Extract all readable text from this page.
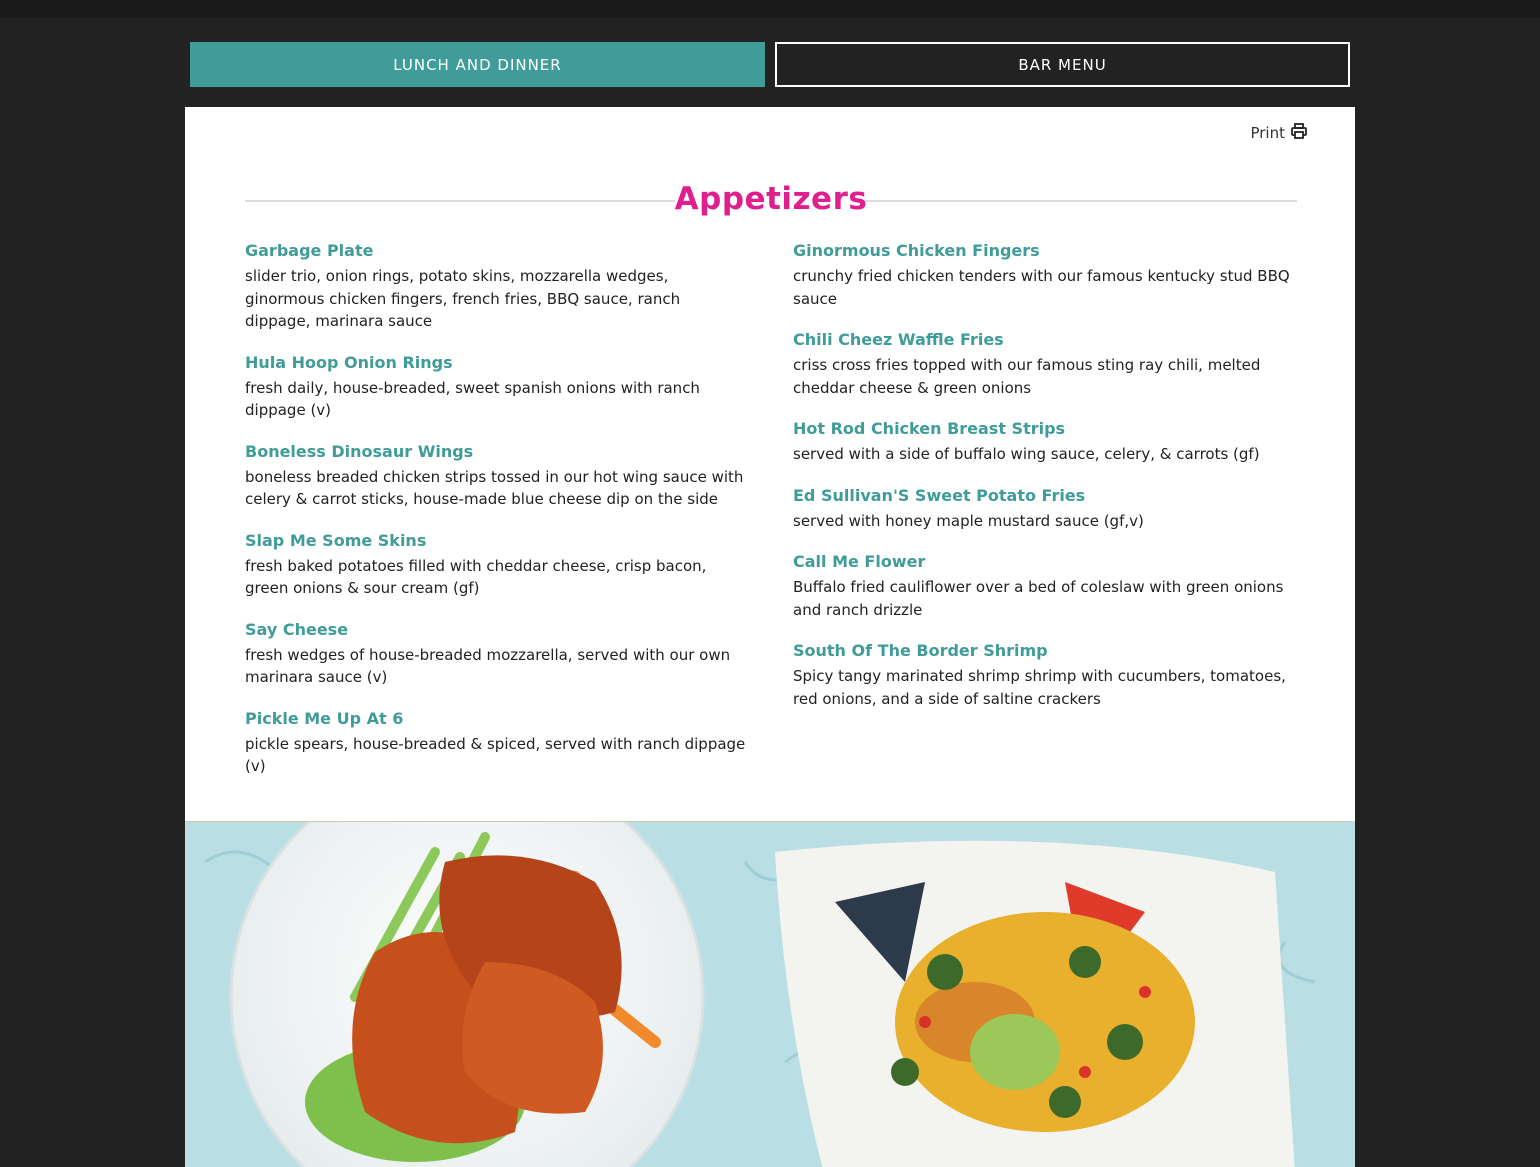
LUNCH AND DINNER	BAR MENU
Print
Appetizers
Garbage Plate
slider trio, onion rings, potato skins, mozzarella wedges, ginormous chicken fingers, french fries, BBQ sauce, ranch dippage, marinara sauce
Hula Hoop Onion Rings
fresh daily, house-breaded, sweet spanish onions with ranch dippage (v)
Boneless Dinosaur Wings
boneless breaded chicken strips tossed in our hot wing sauce with celery & carrot sticks, house-made blue cheese dip on the side
Slap Me Some Skins
fresh baked potatoes filled with cheddar cheese, crisp bacon, green onions & sour cream (gf)
Say Cheese
fresh wedges of house-breaded mozzarella, served with our own marinara sauce (v)
Pickle Me Up At 6
pickle spears, house-breaded & spiced, served with ranch dippage (v)
Ginormous Chicken Fingers
crunchy fried chicken tenders with our famous kentucky stud BBQ sauce
Chili Cheez Waffle Fries
criss cross fries topped with our famous sting ray chili, melted cheddar cheese & green onions
Hot Rod Chicken Breast Strips
served with a side of buffalo wing sauce, celery, & carrots (gf)
Ed Sullivan'S Sweet Potato Fries
served with honey maple mustard sauce (gf,v)
Call Me Flower
Buffalo fried cauliflower over a bed of coleslaw with green onions and ranch drizzle
South Of The Border Shrimp
Spicy tangy marinated shrimp shrimp with cucumbers, tomatoes, red onions, and a side of saltine crackers
